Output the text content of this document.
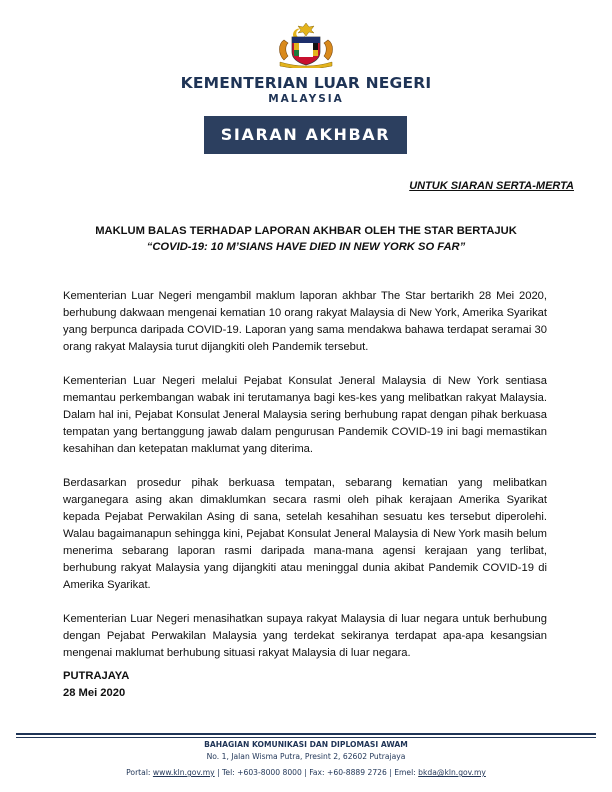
KEMENTERIAN LUAR NEGERI
MALAYSIA
SIARAN AKHBAR
UNTUK SIARAN SERTA-MERTA
MAKLUM BALAS TERHADAP LAPORAN AKHBAR OLEH THE STAR BERTAJUK
“COVID-19: 10 M’SIANS HAVE DIED IN NEW YORK SO FAR”

Kementerian Luar Negeri mengambil maklum laporan akhbar The Star bertarikh 28 Mei 2020, berhubung dakwaan mengenai kematian 10 orang rakyat Malaysia di New York, Amerika Syarikat yang berpunca daripada COVID-19. Laporan yang sama mendakwa bahawa terdapat seramai 30 orang rakyat Malaysia turut dijangkiti oleh Pandemik tersebut.

Kementerian Luar Negeri melalui Pejabat Konsulat Jeneral Malaysia di New York sentiasa memantau perkembangan wabak ini terutamanya bagi kes-kes yang melibatkan rakyat Malaysia. Dalam hal ini, Pejabat Konsulat Jeneral Malaysia sering berhubung rapat dengan pihak berkuasa tempatan yang bertanggung jawab dalam pengurusan Pandemik COVID-19 ini bagi memastikan kesahihan dan ketepatan maklumat yang diterima.

Berdasarkan prosedur pihak berkuasa tempatan, sebarang kematian yang melibatkan warganegara asing akan dimaklumkan secara rasmi oleh pihak kerajaan Amerika Syarikat kepada Pejabat Perwakilan Asing di sana, setelah kesahihan sesuatu kes tersebut diperolehi. Walau bagaimanapun sehingga kini, Pejabat Konsulat Jeneral Malaysia di New York masih belum menerima sebarang laporan rasmi daripada mana-mana agensi kerajaan yang terlibat, berhubung rakyat Malaysia yang dijangkiti atau meninggal dunia akibat Pandemik COVID-19 di Amerika Syarikat.

Kementerian Luar Negeri menasihatkan supaya rakyat Malaysia di luar negara untuk berhubung dengan Pejabat Perwakilan Malaysia yang terdekat sekiranya terdapat apa-apa kesangsian mengenai maklumat berhubung situasi rakyat Malaysia di luar negara.

PUTRAJAYA
28 Mei 2020
BAHAGIAN KOMUNIKASI DAN DIPLOMASI AWAM
No. 1, Jalan Wisma Putra, Presint 2, 62602 Putrajaya
Portal: www.kln.gov.my | Tel: +603-8000 8000 | Fax: +60-8889 2726 | Emel: bkda@kln.gov.my
